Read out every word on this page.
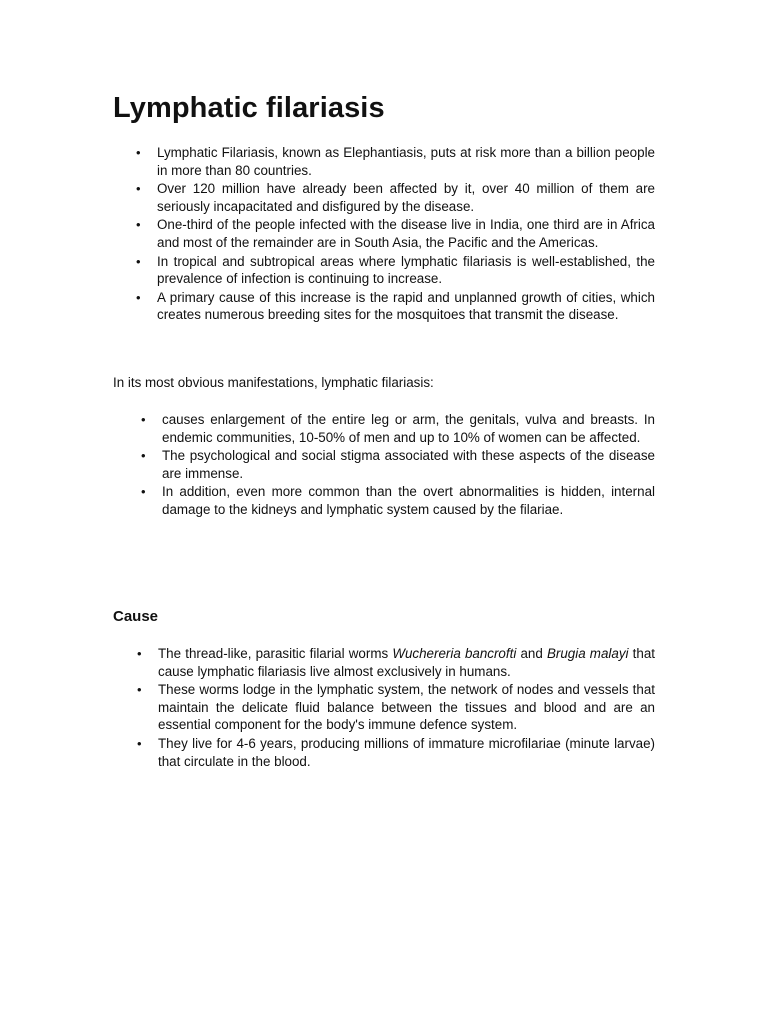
Lymphatic filariasis
• Lymphatic Filariasis, known as Elephantiasis, puts at risk more than a billion people in more than 80 countries.
• Over 120 million have already been affected by it, over 40 million of them are seriously incapacitated and disfigured by the disease.
• One-third of the people infected with the disease live in India, one third are in Africa and most of the remainder are in South Asia, the Pacific and the Americas.
• In tropical and subtropical areas where lymphatic filariasis is well-established, the prevalence of infection is continuing to increase.
• A primary cause of this increase is the rapid and unplanned growth of cities, which creates numerous breeding sites for the mosquitoes that transmit the disease.

In its most obvious manifestations, lymphatic filariasis:

• causes enlargement of the entire leg or arm, the genitals, vulva and breasts. In endemic communities, 10-50% of men and up to 10% of women can be affected.
• The psychological and social stigma associated with these aspects of the disease are immense.
• In addition, even more common than the overt abnormalities is hidden, internal damage to the kidneys and lymphatic system caused by the filariae.
Cause
• The thread-like, parasitic filarial worms Wuchereria bancrofti and Brugia malayi that cause lymphatic filariasis live almost exclusively in humans.
• These worms lodge in the lymphatic system, the network of nodes and vessels that maintain the delicate fluid balance between the tissues and blood and are an essential component for the body's immune defence system.
• They live for 4-6 years, producing millions of immature microfilariae (minute larvae) that circulate in the blood.
